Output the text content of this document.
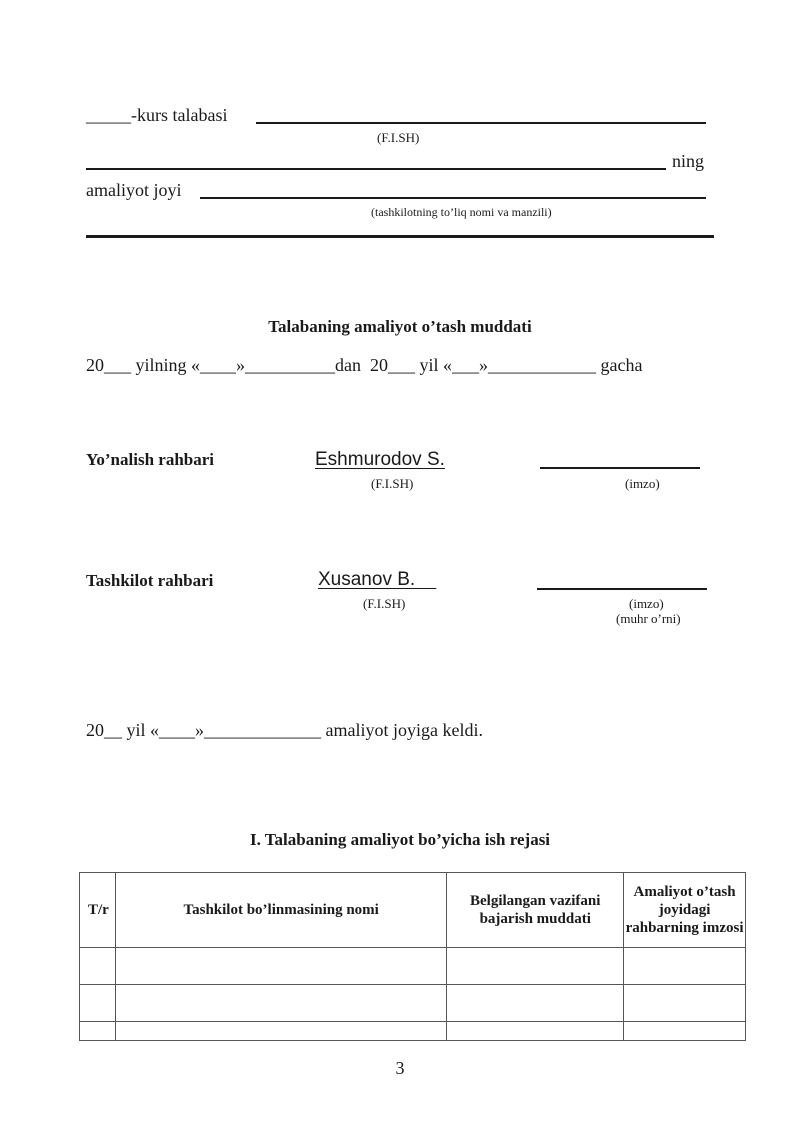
_____-kurs talabasi
(F.I.SH)
ning
amaliyot joyi
(tashkilotning to’liq nomi va manzili)
Talabaning amaliyot o’tash muddati
20___ yilning «____»__________dan  20___ yil «___»____________ gacha
Yo’nalish rahbari	Eshmurodov S.
(F.I.SH)	(imzo)
Tashkilot rahbari	Xusanov B.
(F.I.SH)	(imzo)
(muhr o’rni)
20__ yil «____»_____________ amaliyot joyiga keldi.
I. Talabaning amaliyot bo’yicha ish rejasi
T/r	Tashkilot bo’linmasining nomi	Belgilangan vazifani bajarish muddati	Amaliyot o’tash joyidagi rahbarning imzosi

3
